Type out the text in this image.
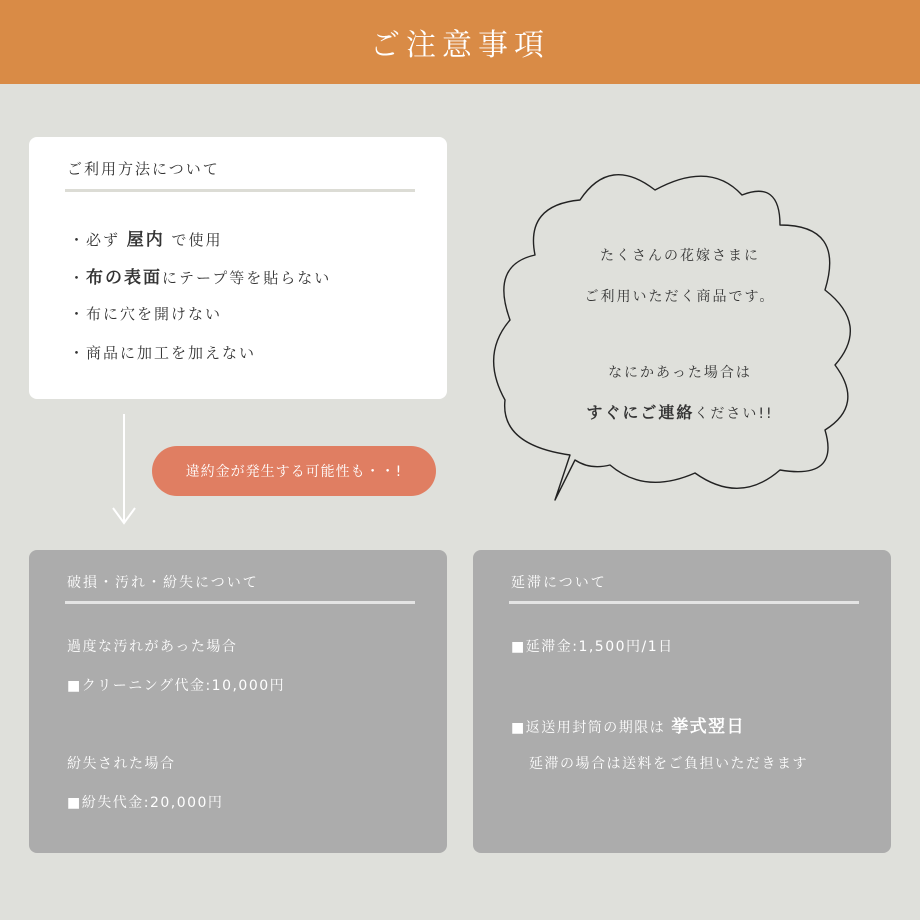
ご注意事項
ご利用方法について
・必ず 屋内 で使用
・布の表面にテープ等を貼らない
・布に穴を開けない
・商品に加工を加えない
違約金が発生する可能性も・・!
たくさんの花嫁さまに
ご利用いただく商品です。
なにかあった場合は
すぐにご連絡ください!!
破損・汚れ・紛失について
過度な汚れがあった場合
■クリーニング代金:10,000円
紛失された場合
■紛失代金:20,000円
延滞について
■延滞金:1,500円/1日
■返送用封筒の期限は 挙式翌日
延滞の場合は送料をご負担いただきます
